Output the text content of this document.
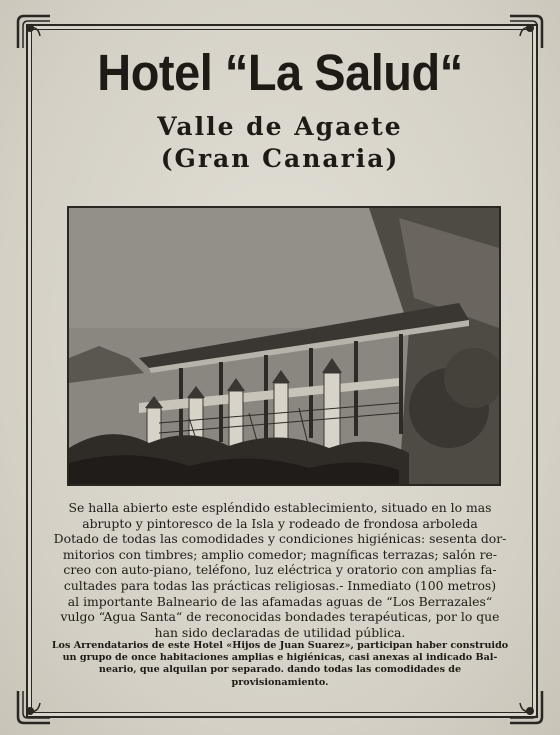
Hotel “La Salud“
Valle de Agaete
(Gran Canaria)

Se halla abierto este espléndido establecimiento, situado en lo mas
abrupto y pintoresco de la Isla y rodeado de frondosa arboleda
Dotado de todas las comodidades y condiciones higiénicas: sesenta dor-
mitorios con timbres; amplio comedor; magníficas terrazas; salón re-
creo con auto-piano, teléfono, luz eléctrica y oratorio con amplias fa-
cultades para todas las prácticas religiosas.- Inmediato (100 metros)
al importante Balneario de las afamadas aguas de “Los Berrazales“
vulgo “Agua Santa“ de reconocidas bondades terapéuticas, por lo que
han sido declaradas de utilidad pública.

Los Arrendatarios de este Hotel «Hijos de Juan Suarez», participan haber construido
un grupo de once habitaciones amplias e higiénicas, casi anexas al indicado Bal-
neario, que alquilan por separado. dando todas las comodidades de
provisionamiento.
